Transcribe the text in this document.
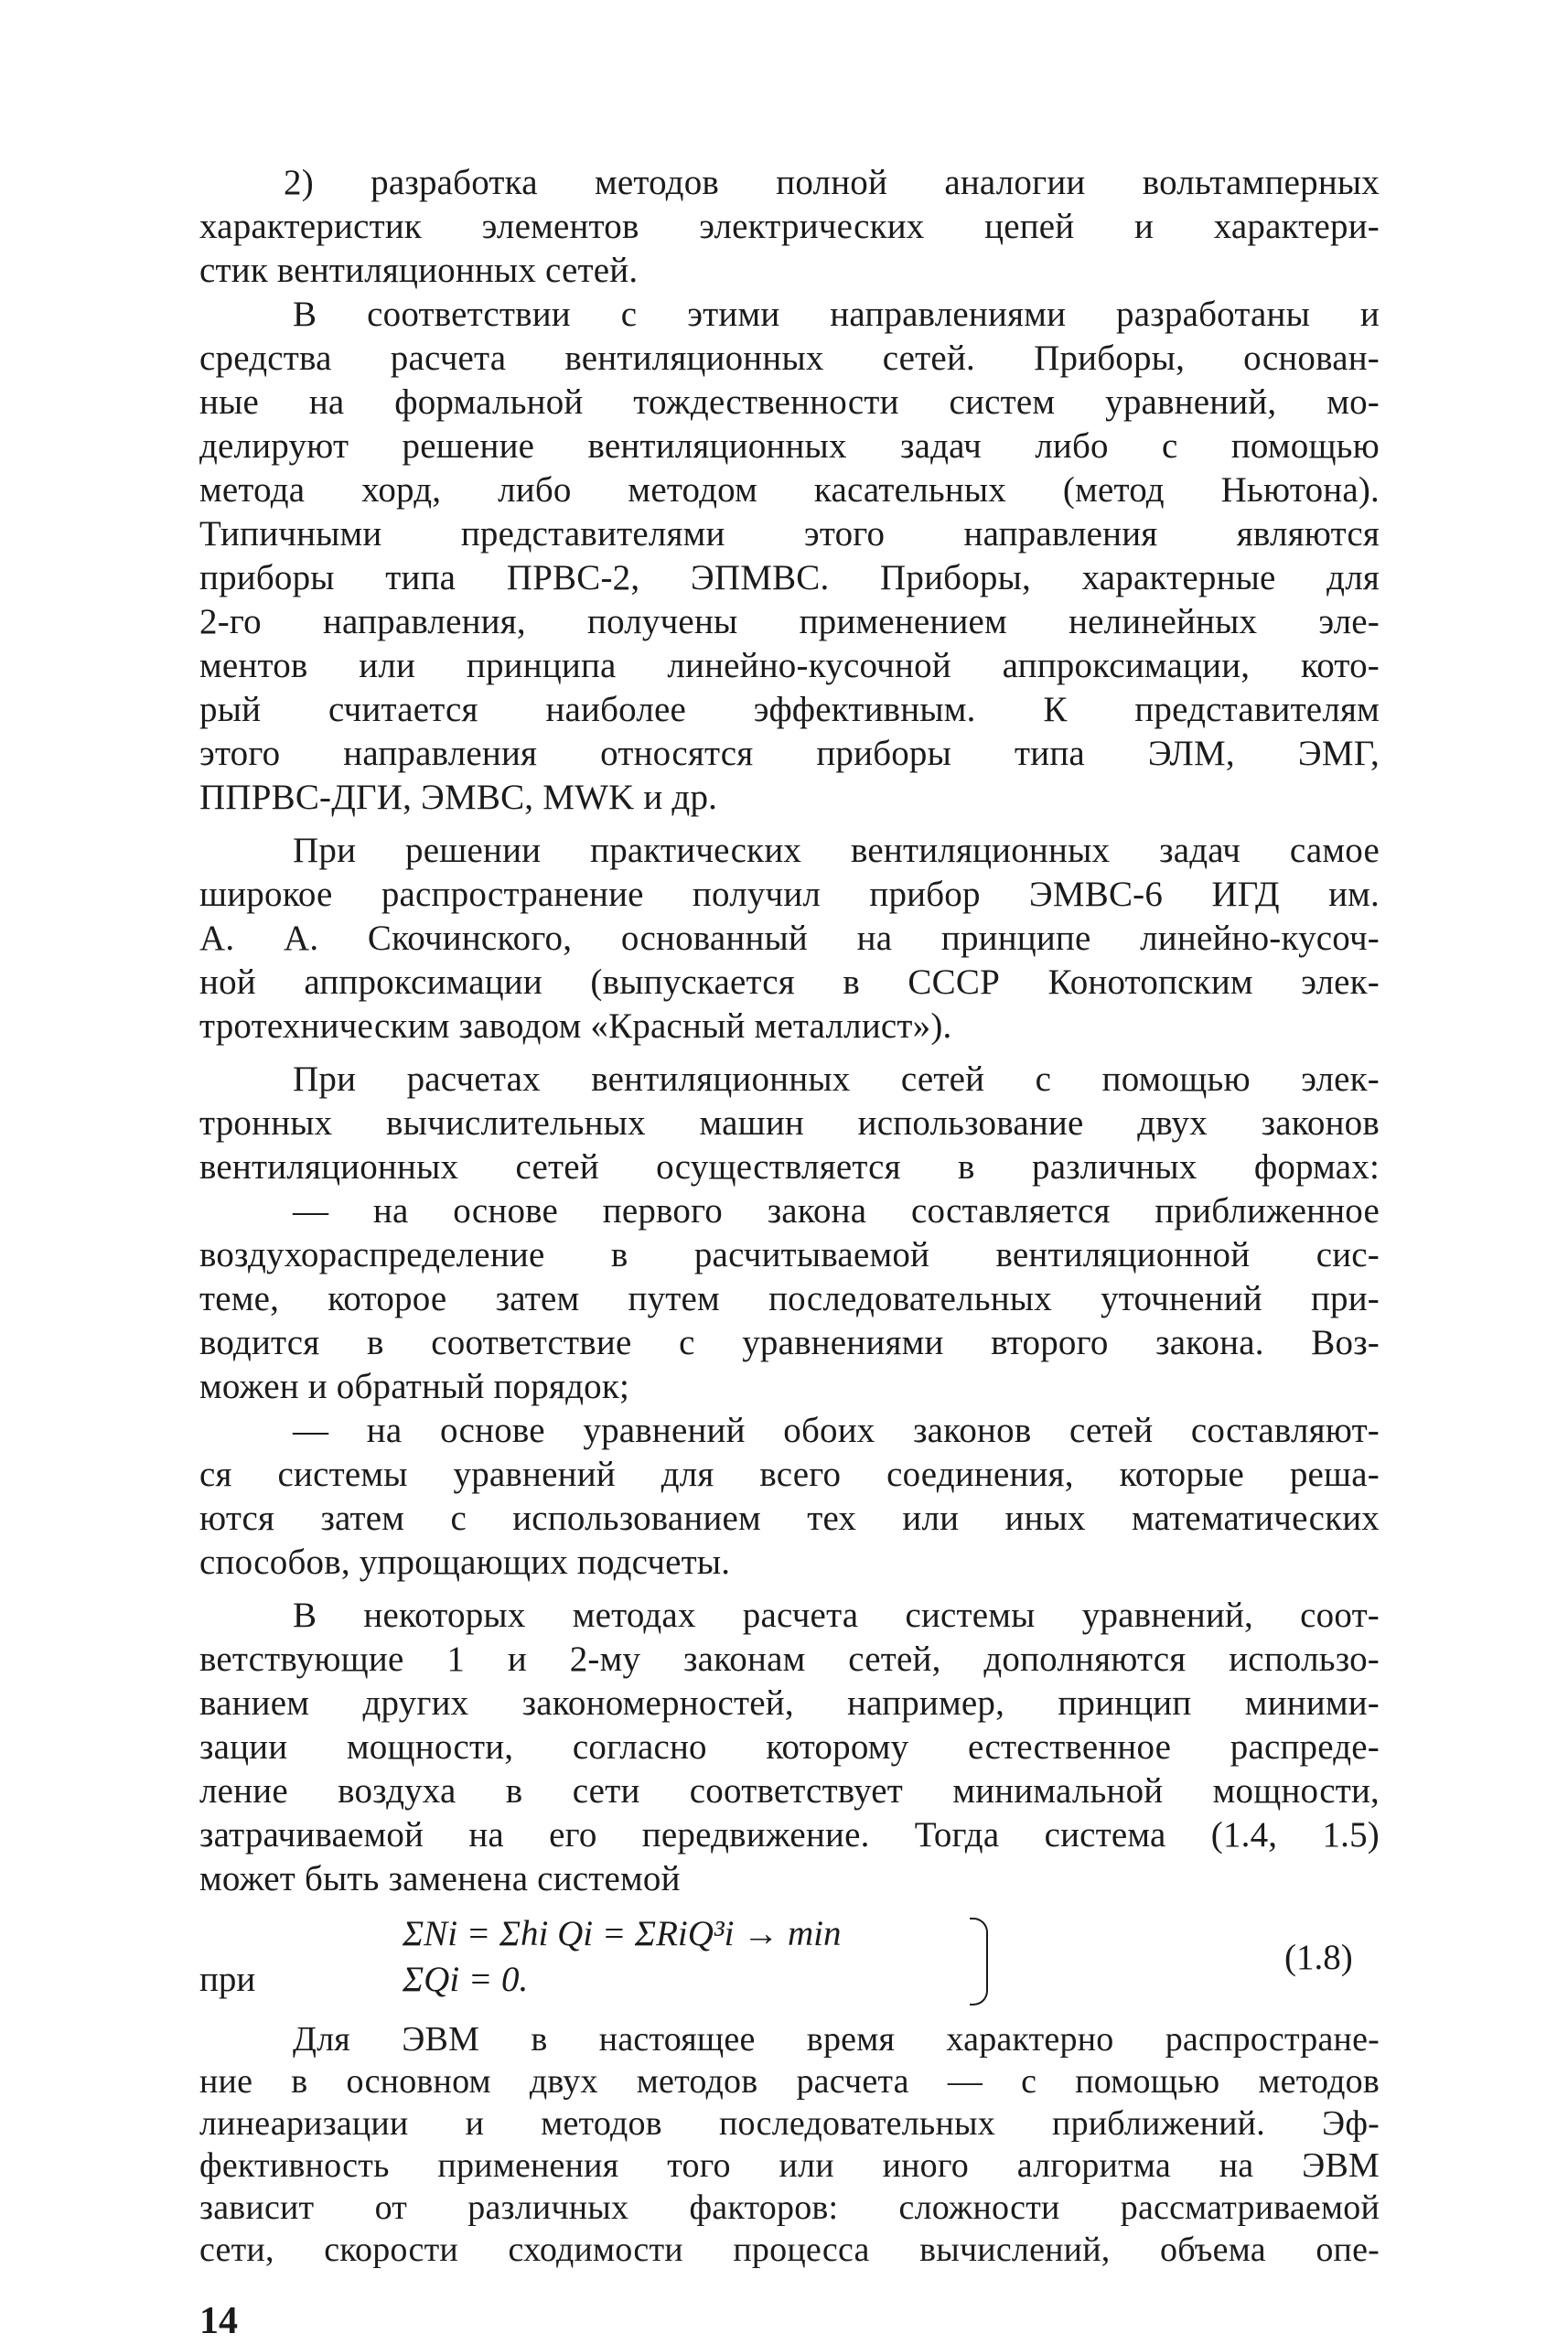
2) разработка методов полной аналогии вольтамперных
характеристик элементов электрических цепей и характери-
стик вентиляционных сетей.
В соответствии с этими направлениями разработаны и
средства расчета вентиляционных сетей. Приборы, основан-
ные на формальной тождественности систем уравнений, мо-
делируют решение вентиляционных задач либо с помощью
метода хорд, либо методом касательных (метод Ньютона).
Типичными представителями этого направления являются
приборы типа ПРВС-2, ЭПМВС. Приборы, характерные для
2-го направления, получены применением нелинейных эле-
ментов или принципа линейно-кусочной аппроксимации, кото-
рый считается наиболее эффективным. К представителям
этого направления относятся приборы типа ЭЛМ, ЭМГ,
ППРВС-ДГИ, ЭМВС, MWK и др.
При решении практических вентиляционных задач самое
широкое распространение получил прибор ЭМВС-6 ИГД им.
А. А. Скочинского, основанный на принципе линейно-кусоч-
ной аппроксимации (выпускается в СССР Конотопским элек-
тротехническим заводом «Красный металлист»).
При расчетах вентиляционных сетей с помощью элек-
тронных вычислительных машин использование двух законов
вентиляционных сетей осуществляется в различных формах:
— на основе первого закона составляется приближенное
воздухораспределение в расчитываемой вентиляционной сис-
теме, которое затем путем последовательных уточнений при-
водится в соответствие с уравнениями второго закона. Воз-
можен и обратный порядок;
— на основе уравнений обоих законов сетей составляют-
ся системы уравнений для всего соединения, которые реша-
ются затем с использованием тех или иных математических
способов, упрощающих подсчеты.
В некоторых методах расчета системы уравнений, соот-
ветствующие 1 и 2-му законам сетей, дополняются использо-
ванием других закономерностей, например, принцип миними-
зации мощности, согласно которому естественное распреде-
ление воздуха в сети соответствует минимальной мощности,
затрачиваемой на его передвижение. Тогда система (1.4, 1.5)
может быть заменена системой
ΣNi = Σhi Qi = ΣRiQ³i → min
при	ΣQi = 0.
(1.8)
Для ЭВМ в настоящее время характерно распростране-
ние в основном двух методов расчета — с помощью методов
14
линеаризации и методов последовательных приближений. Эф-
фективность применения того или иного алгоритма на ЭВМ
зависит от различных факторов: сложности рассматриваемой
сети, скорости сходимости процесса вычислений, объема опе-
